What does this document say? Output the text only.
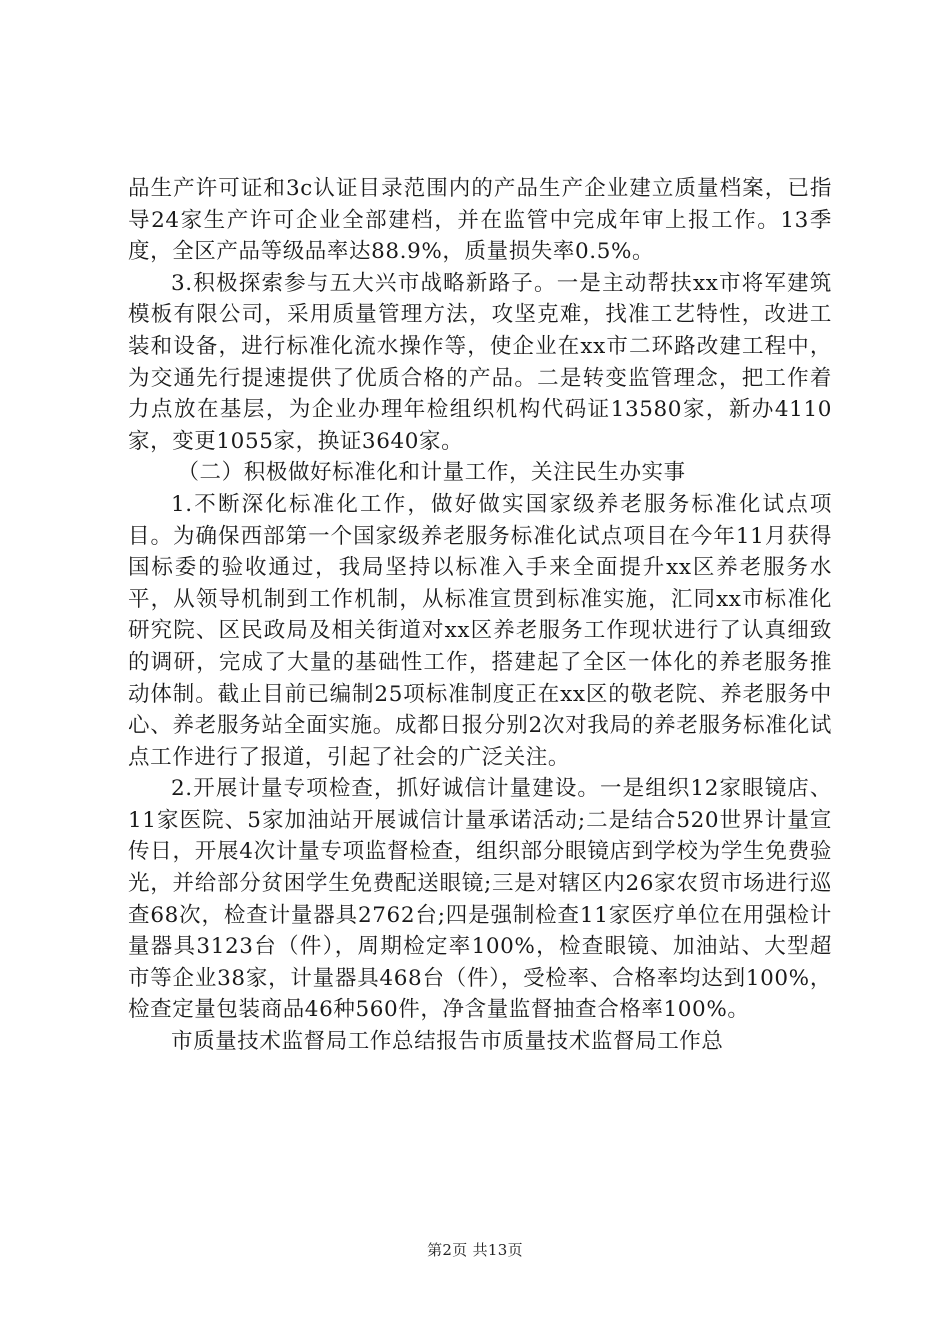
品生产许可证和3c认证目录范围内的产品生产企业建立质量档案，已指导24家生产许可企业全部建档，并在监管中完成年审上报工作。13季度，全区产品等级品率达88.9%，质量损失率0.5%。

3.积极探索参与五大兴市战略新路子。一是主动帮扶xx市将军建筑模板有限公司，采用质量管理方法，攻坚克难，找准工艺特性，改进工装和设备，进行标准化流水操作等，使企业在xx市二环路改建工程中，为交通先行提速提供了优质合格的产品。二是转变监管理念，把工作着力点放在基层，为企业办理年检组织机构代码证13580家，新办4110家，变更1055家，换证3640家。

（二）积极做好标准化和计量工作，关注民生办实事

1.不断深化标准化工作，做好做实国家级养老服务标准化试点项目。为确保西部第一个国家级养老服务标准化试点项目在今年11月获得国标委的验收通过，我局坚持以标准入手来全面提升xx区养老服务水平，从领导机制到工作机制，从标准宣贯到标准实施，汇同xx市标准化研究院、区民政局及相关街道对xx区养老服务工作现状进行了认真细致的调研，完成了大量的基础性工作，搭建起了全区一体化的养老服务推动体制。截止目前已编制25项标准制度正在xx区的敬老院、养老服务中心、养老服务站全面实施。成都日报分别2次对我局的养老服务标准化试点工作进行了报道，引起了社会的广泛关注。

2.开展计量专项检查，抓好诚信计量建设。一是组织12家眼镜店、11家医院、5家加油站开展诚信计量承诺活动;二是结合520世界计量宣传日，开展4次计量专项监督检查，组织部分眼镜店到学校为学生免费验光，并给部分贫困学生免费配送眼镜;三是对辖区内26家农贸市场进行巡查68次，检查计量器具2762台;四是强制检查11家医疗单位在用强检计量器具3123台（件），周期检定率100%，检查眼镜、加油站、大型超市等企业38家，计量器具468台（件），受检率、合格率均达到100%，检查定量包装商品46种560件，净含量监督抽查合格率100%。

市质量技术监督局工作总结报告市质量技术监督局工作总

第2页 共13页
